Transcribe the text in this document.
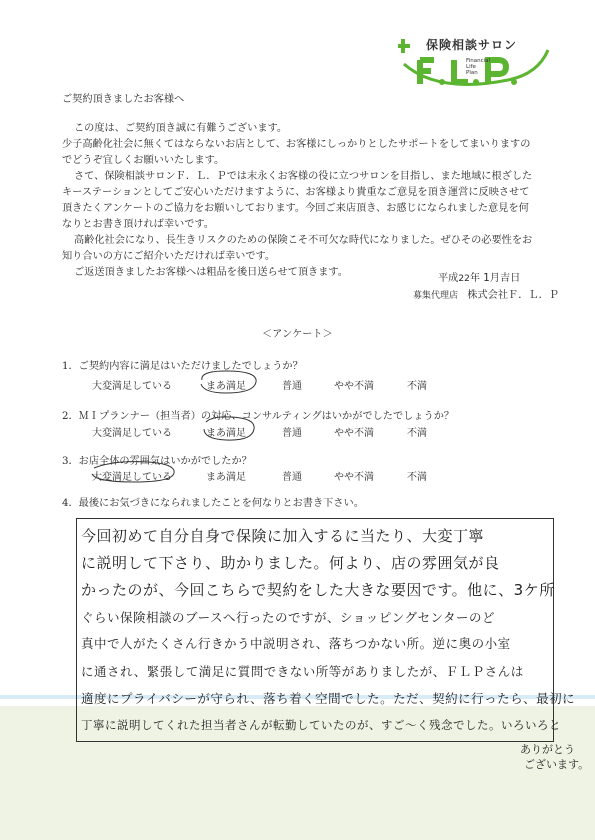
保険相談サロン
Financial
Life
Plan
ご契約頂きましたお客様へ
この度は、ご契約頂き誠に有難うございます。
少子高齢化社会に無くてはならないお店として、お客様にしっかりとしたサポートをしてまいりますの
でどうぞ宜しくお願いいたします。
さて、保険相談サロンＦ．Ｌ．Ｐでは末永くお客様の役に立つサロンを目指し、また地域に根ざした
キーステーションとしてご安心いただけますように、お客様より貴重なご意見を頂き運営に反映させて
頂きたくアンケートのご協力をお願いしております。今回ご来店頂き、お感じになられました意見を何
なりとお書き頂ければ幸いです。
高齢化社会になり、長生きリスクのための保険こそ不可欠な時代になりました。ぜひその必要性をお
知り合いの方にご紹介いただければ幸いです。
ご返送頂きましたお客様へは粗品を後日送らせて頂きます。
平成22年 1月吉日
募集代理店 株式会社Ｆ．Ｌ．Ｐ
＜アンケート＞
1．ご契約内容に満足はいただけましたでしょうか？
大変満足している	まあ満足	普通	やや不満	不満
2．ＭＩプランナー（担当者）の対応、コンサルティングはいかがでしたでしょうか？
大変満足している	まあ満足	普通	やや不満	不満
3．お店全体の雰囲気はいかがでしたか？
大変満足している	まあ満足	普通	やや不満	不満
4．最後にお気づきになられましたことを何なりとお書き下さい。
今回初めて自分自身で保険に加入するに当たり、大変丁寧
に説明して下さり、助かりました。何より、店の雰囲気が良
かったのが、今回こちらで契約をした大きな要因です。他に、3ケ所
ぐらい保険相談のブースへ行ったのですが、ショッピングセンターのど
真中で人がたくさん行きかう中説明され、落ちつかない所。逆に奥の小室
に通され、緊張して満足に質問できない所等がありましたが、ＦＬＰさんは
適度にプライバシーが守られ、落ち着く空間でした。ただ、契約に行ったら、最初に
丁寧に説明してくれた担当者さんが転勤していたのが、すご～く残念でした。いろいろと
ありがとう
ございます。
